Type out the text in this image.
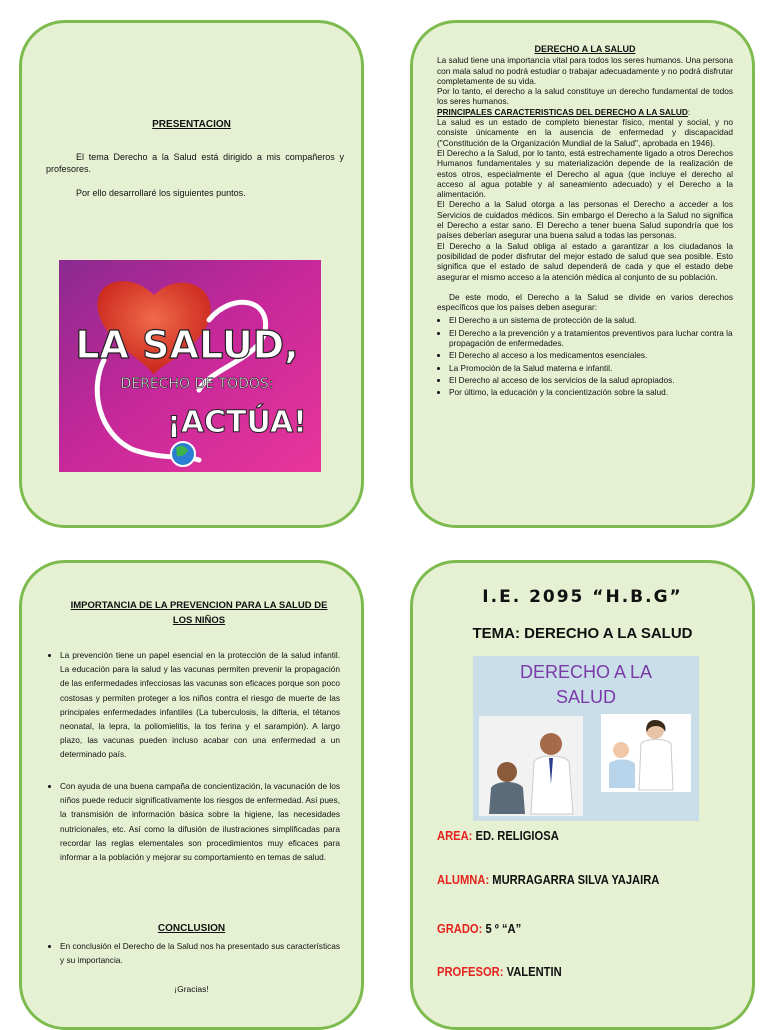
PRESENTACION

El tema Derecho a la Salud está dirigido a mis compañeros y profesores.

Por ello desarrollaré los siguientes puntos.

LA SALUD,
DERECHO DE TODOS:
¡ACTÚA!
DERECHO A LA SALUD

La salud tiene una importancia vital para todos los seres humanos. Una persona con mala salud no podrá estudiar o trabajar adecuadamente y no podrá disfrutar completamente de su vida.

Por lo tanto, el derecho a la salud constituye un derecho fundamental de todos los seres humanos.

PRINCIPALES CARACTERISTICAS DEL DERECHO A LA SALUD:

La salud es un estado de completo bienestar físico, mental y social, y no consiste únicamente en la ausencia de enfermedad y discapacidad ("Constitución de la Organización Mundial de la Salud", aprobada en 1946).

El Derecho a la Salud, por lo tanto, está estrechamente ligado a otros Derechos Humanos fundamentales y su materialización depende de la realización de estos otros, especialmente el Derecho al agua (que incluye el derecho al acceso al agua potable y al saneamiento adecuado) y el Derecho a la alimentación.

El Derecho a la Salud otorga a las personas el Derecho a acceder a los Servicios de cuidados médicos. Sin embargo el Derecho a la Salud no significa el Derecho a estar sano. El Derecho a tener buena Salud supondría que los países deberían asegurar una buena salud a todas las personas.

El Derecho a la Salud obliga al estado a garantizar a los ciudadanos la posibilidad de poder disfrutar del mejor estado de salud que sea posible. Esto significa que el estado de salud dependerá de cada y que el estado debe asegurar el mismo acceso a la atención médica al conjunto de su población.

De este modo, el Derecho a la Salud se divide en varios derechos específicos que los países deben asegurar:

• El Derecho a un sistema de protección de la salud.
• El Derecho a la prevención y a tratamientos preventivos para luchar contra la propagación de enfermedades.
• El Derecho al acceso a los medicamentos esenciales.
• La Promoción de la Salud materna e infantil.
• El Derecho al acceso de los servicios de la salud apropiados.
• Por último, la educación y la concientización sobre la salud.
IMPORTANCIA DE LA PREVENCION PARA LA SALUD DE LOS NIÑOS
• La prevención tiene un papel esencial en la protección de la salud infantil. La educación para la salud y las vacunas permiten prevenir la propagación de las enfermedades infecciosas las vacunas son eficaces porque son poco costosas y permiten proteger a los niños contra el riesgo de muerte de las principales enfermedades infantiles (La tuberculosis, la difteria, el tétanos neonatal, la lepra, la poliomielitis, la tos ferina y el sarampión). A largo plazo, las vacunas pueden incluso acabar con una enfermedad a un determinado país.
• Con ayuda de una buena campaña de concientización, la vacunación de los niños puede reducir significativamente los riesgos de enfermedad. Así pues, la transmisión de información básica sobre la higiene, las necesidades nutricionales, etc. Así como la difusión de ilustraciones simplificadas para recordar las reglas elementales son procedimientos muy eficaces para informar a la población y mejorar su comportamiento en temas de salud.
CONCLUSION
• En conclusión el Derecho de la Salud nos ha presentado sus características y su importancia.
¡Gracias!
I.E. 2095 “H.B.G”
TEMA: DERECHO A LA SALUD
DERECHO A LA
SALUD
AREA: ED. RELIGIOSA
ALUMNA: MURRAGARRA SILVA YAJAIRA
GRADO: 5 º “A”
PROFESOR: VALENTIN
